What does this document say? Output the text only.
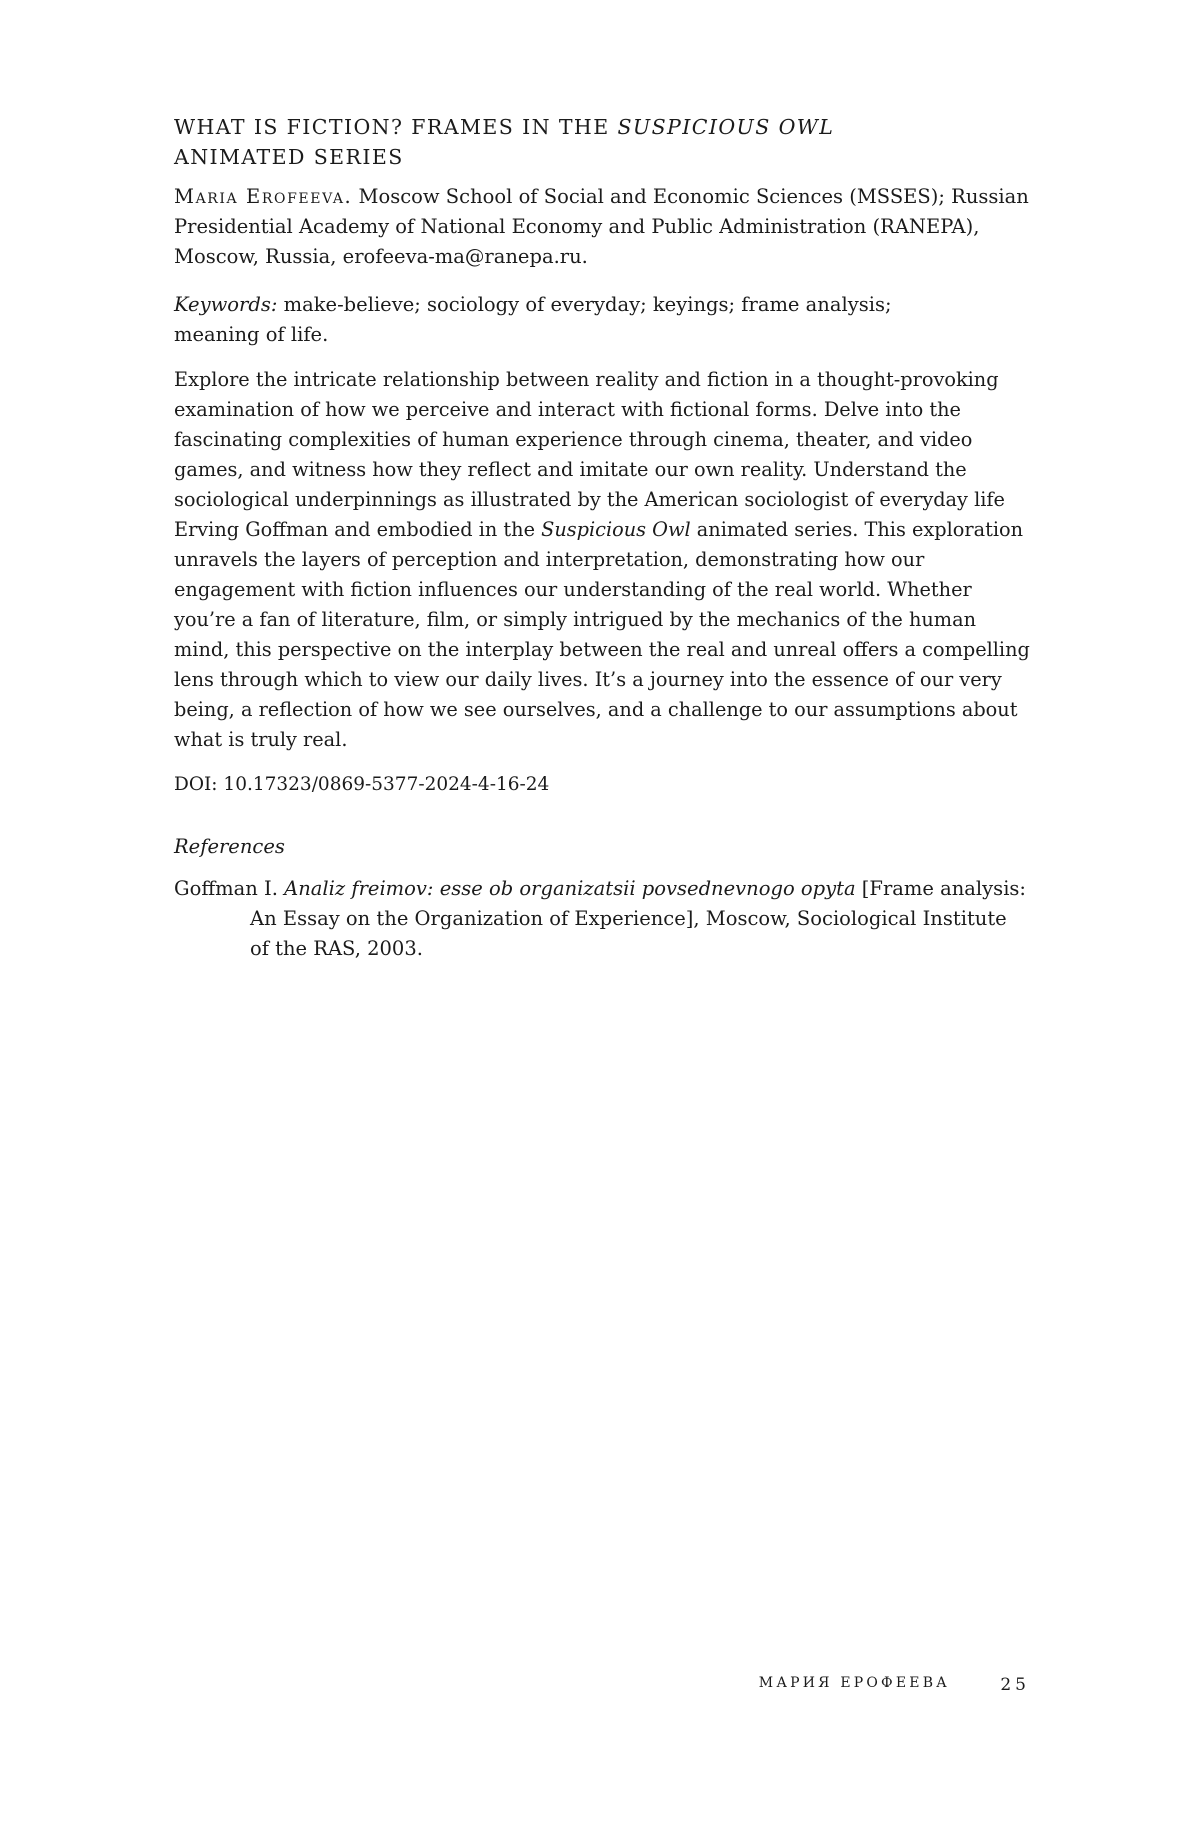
WHAT IS FICTION? FRAMES IN THE SUSPICIOUS OWL
ANIMATED SERIES

Maria Erofeeva. Moscow School of Social and Economic Sciences (MSSES); Russian Presidential Academy of National Economy and Public Administration (RANEPA), Moscow, Russia, erofeeva-ma@ranepa.ru.

Keywords: make-believe; sociology of everyday; keyings; frame analysis; meaning of life.

Explore the intricate relationship between reality and fiction in a thought-provoking examination of how we perceive and interact with fictional forms. Delve into the fascinating complexities of human experience through cinema, theater, and video games, and witness how they reflect and imitate our own reality. Understand the sociological underpinnings as illustrated by the American sociologist of everyday life Erving Goffman and embodied in the Suspicious Owl animated series. This exploration unravels the layers of perception and interpretation, demonstrating how our engagement with fiction influences our understanding of the real world. Whether you’re a fan of literature, film, or simply intrigued by the mechanics of the human mind, this perspective on the interplay between the real and unreal offers a compelling lens through which to view our daily lives. It’s a journey into the essence of our very being, a reflection of how we see ourselves, and a challenge to our assumptions about what is truly real.

DOI: 10.17323/0869-5377-2024-4-16-24

References

Goffman I. Analiz freimov: esse ob organizatsii povsednevnogo opyta [Frame analysis: An Essay on the Organization of Experience], Moscow, Sociological Institute of the RAS, 2003.

МАРИЯ ЕРОФЕЕВА	25
